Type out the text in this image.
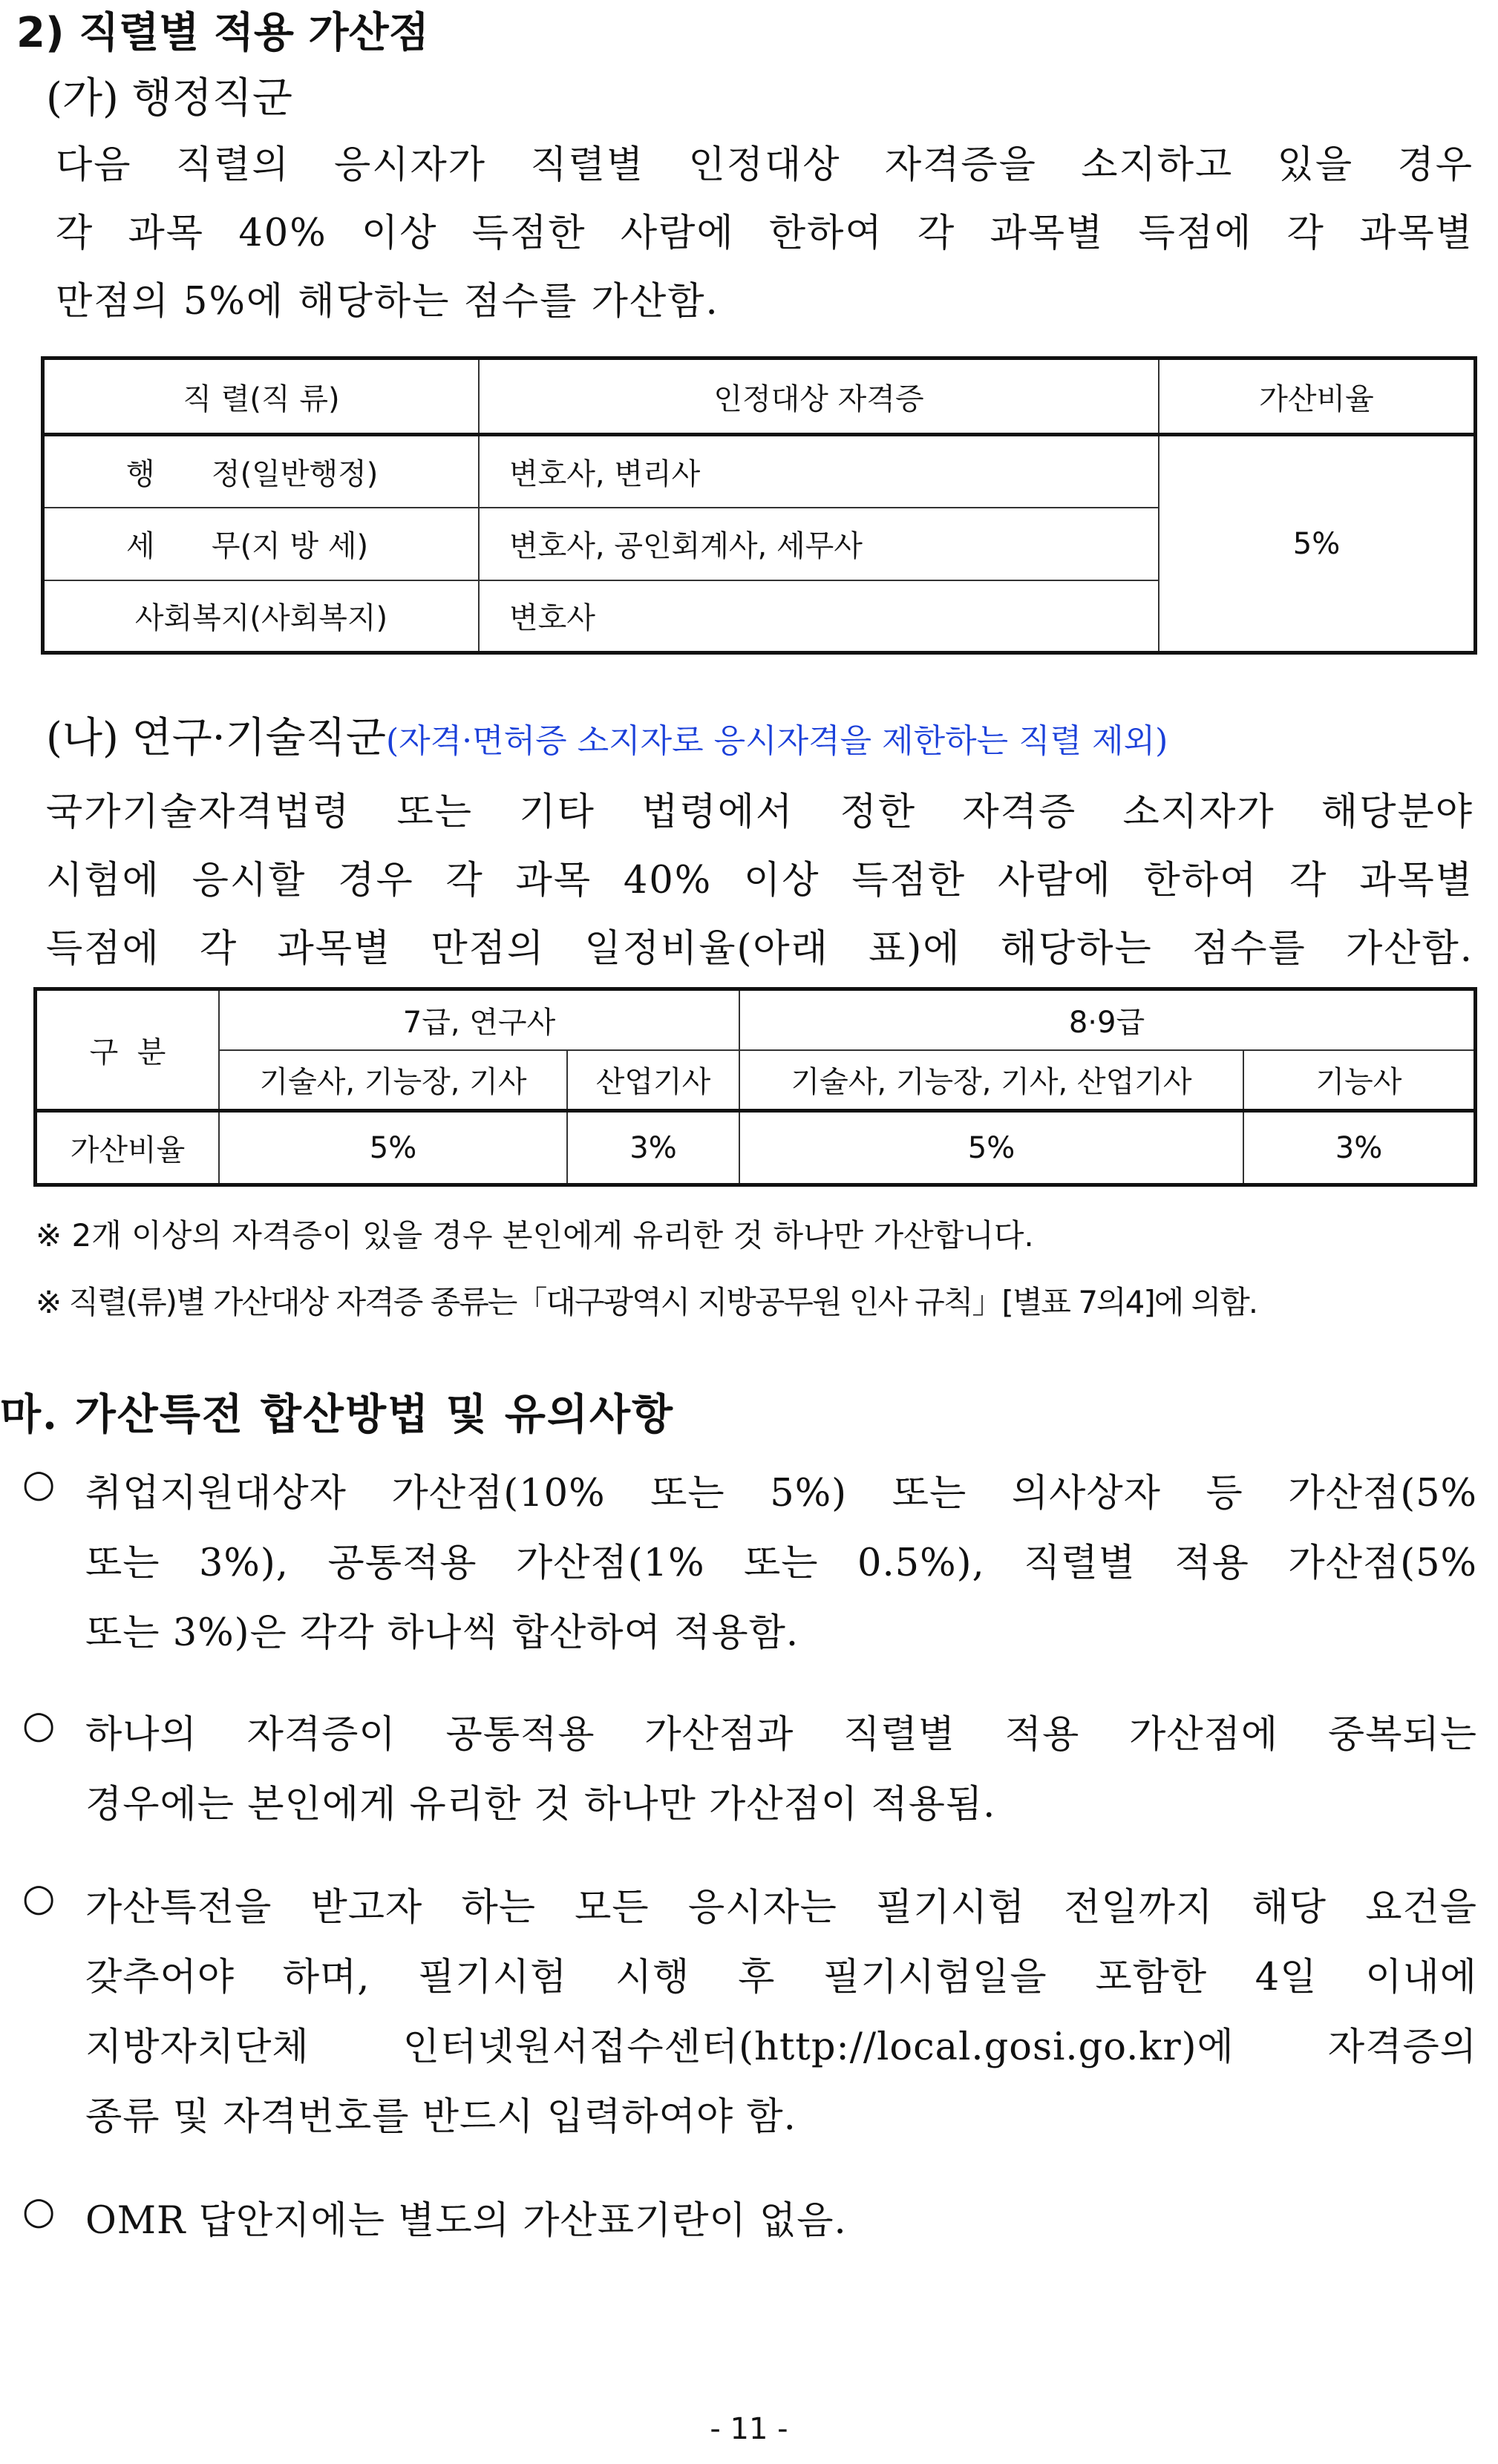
2) 직렬별 적용 가산점
(가) 행정직군
다음 직렬의 응시자가 직렬별 인정대상 자격증을 소지하고 있을 경우
각 과목 40% 이상 득점한 사람에 한하여 각 과목별 득점에 각 과목별
만점의 5%에 해당하는 점수를 가산함.
직 렬(직 류)	인정대상 자격증	가산비율
행      정(일반행정)	변호사, 변리사	5%
세      무(지 방 세)	변호사, 공인회계사, 세무사	
사회복지(사회복지)	변호사	
(나) 연구·기술직군(자격·면허증 소지자로 응시자격을 제한하는 직렬 제외)
국가기술자격법령 또는 기타 법령에서 정한 자격증 소지자가 해당분야
시험에 응시할 경우 각 과목 40% 이상 득점한 사람에 한하여 각 과목별
득점에 각 과목별 만점의 일정비율(아래 표)에 해당하는 점수를 가산함.
구  분	7급, 연구사		8·9급	
	기술사, 기능장, 기사	산업기사	기술사, 기능장, 기사, 산업기사	기능사
가산비율	5%	3%	5%	3%
※ 2개 이상의 자격증이 있을 경우 본인에게 유리한 것 하나만 가산합니다.
※ 직렬(류)별 가산대상 자격증 종류는「대구광역시 지방공무원 인사 규칙」[별표 7의4]에 의함.
마. 가산특전 합산방법 및 유의사항
○ 취업지원대상자 가산점(10% 또는 5%) 또는 의사상자 등 가산점(5%
또는 3%), 공통적용 가산점(1% 또는 0.5%), 직렬별 적용 가산점(5%
또는 3%)은 각각 하나씩 합산하여 적용함.
○ 하나의 자격증이 공통적용 가산점과 직렬별 적용 가산점에 중복되는
경우에는 본인에게 유리한 것 하나만 가산점이 적용됨.
○ 가산특전을 받고자 하는 모든 응시자는 필기시험 전일까지 해당 요건을
갖추어야 하며, 필기시험 시행 후 필기시험일을 포함한 4일 이내에
지방자치단체 인터넷원서접수센터(http://local.gosi.go.kr)에 자격증의
종류 및 자격번호를 반드시 입력하여야 함.
○ OMR 답안지에는 별도의 가산표기란이 없음.
- 11 -
